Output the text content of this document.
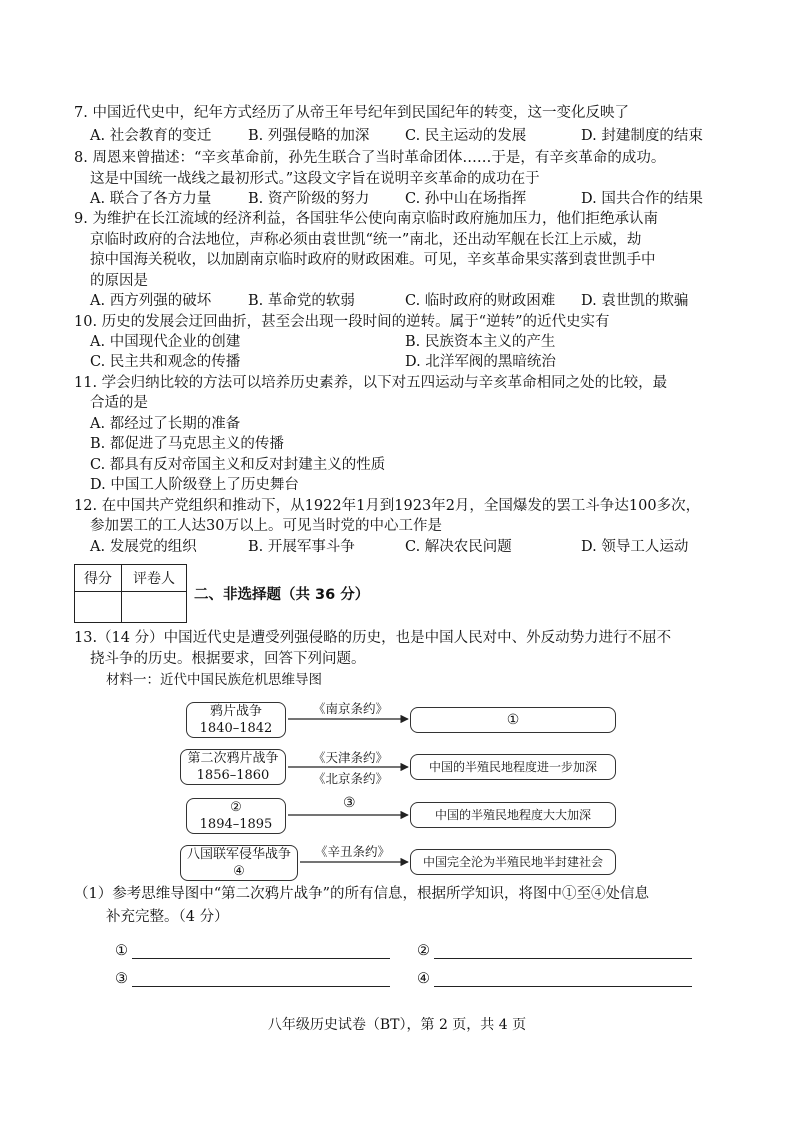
7. 中国近代史中，纪年方式经历了从帝王年号纪年到民国纪年的转变，这一变化反映了
A. 社会教育的变迁	B. 列强侵略的加深 C. 民主运动的发展	D. 封建制度的结束
8. 周恩来曾描述：“辛亥革命前，孙先生联合了当时革命团体……于是，有辛亥革命的成功。
这是中国统一战线之最初形式。”这段文字旨在说明辛亥革命的成功在于
A. 联合了各方力量	B. 资产阶级的努力 C. 孙中山在场指挥	D. 国共合作的结果
9. 为维护在长江流域的经济利益，各国驻华公使向南京临时政府施加压力，他们拒绝承认南
京临时政府的合法地位，声称必须由袁世凯“统一”南北，还出动军舰在长江上示威，劫
掠中国海关税收，以加剧南京临时政府的财政困难。可见，辛亥革命果实落到袁世凯手中
的原因是
A. 西方列强的破坏	B. 革命党的软弱	C. 临时政府的财政困难 D. 袁世凯的欺骗
10. 历史的发展会迂回曲折，甚至会出现一段时间的逆转。属于“逆转”的近代史实有
A. 中国现代企业的创建	B. 民族资本主义的产生
C. 民主共和观念的传播	D. 北洋军阀的黑暗统治
11. 学会归纳比较的方法可以培养历史素养，以下对五四运动与辛亥革命相同之处的比较，最
合适的是
A. 都经过了长期的准备
B. 都促进了马克思主义的传播
C. 都具有反对帝国主义和反对封建主义的性质
D. 中国工人阶级登上了历史舞台
12. 在中国共产党组织和推动下，从1922年1月到1923年2月，全国爆发的罢工斗争达100多次，
参加罢工的工人达30万以上。可见当时党的中心工作是
A. 发展党的组织	B. 开展军事斗争	C. 解决农民问题	D. 领导工人运动
得分	评卷人

二、非选择题（共 36 分）
13.（14 分）中国近代史是遭受列强侵略的历史，也是中国人民对中、外反动势力进行不屈不
挠斗争的历史。根据要求，回答下列问题。
材料一：近代中国民族危机思维导图
鸦片战争
1840–1842
《南京条约》
①
第二次鸦片战争
1856–1860
《天津条约》
《北京条约》
中国的半殖民地程度进一步加深
②
1894–1895
③
中国的半殖民地程度大大加深
八国联军侵华战争
④
《辛丑条约》
中国完全沦为半殖民地半封建社会
（1）参考思维导图中“第二次鸦片战争”的所有信息，根据所学知识，将图中①至④处信息
补充完整。（4 分）
①	②
③	④
八年级历史试卷（BT），第 2 页，共 4 页
